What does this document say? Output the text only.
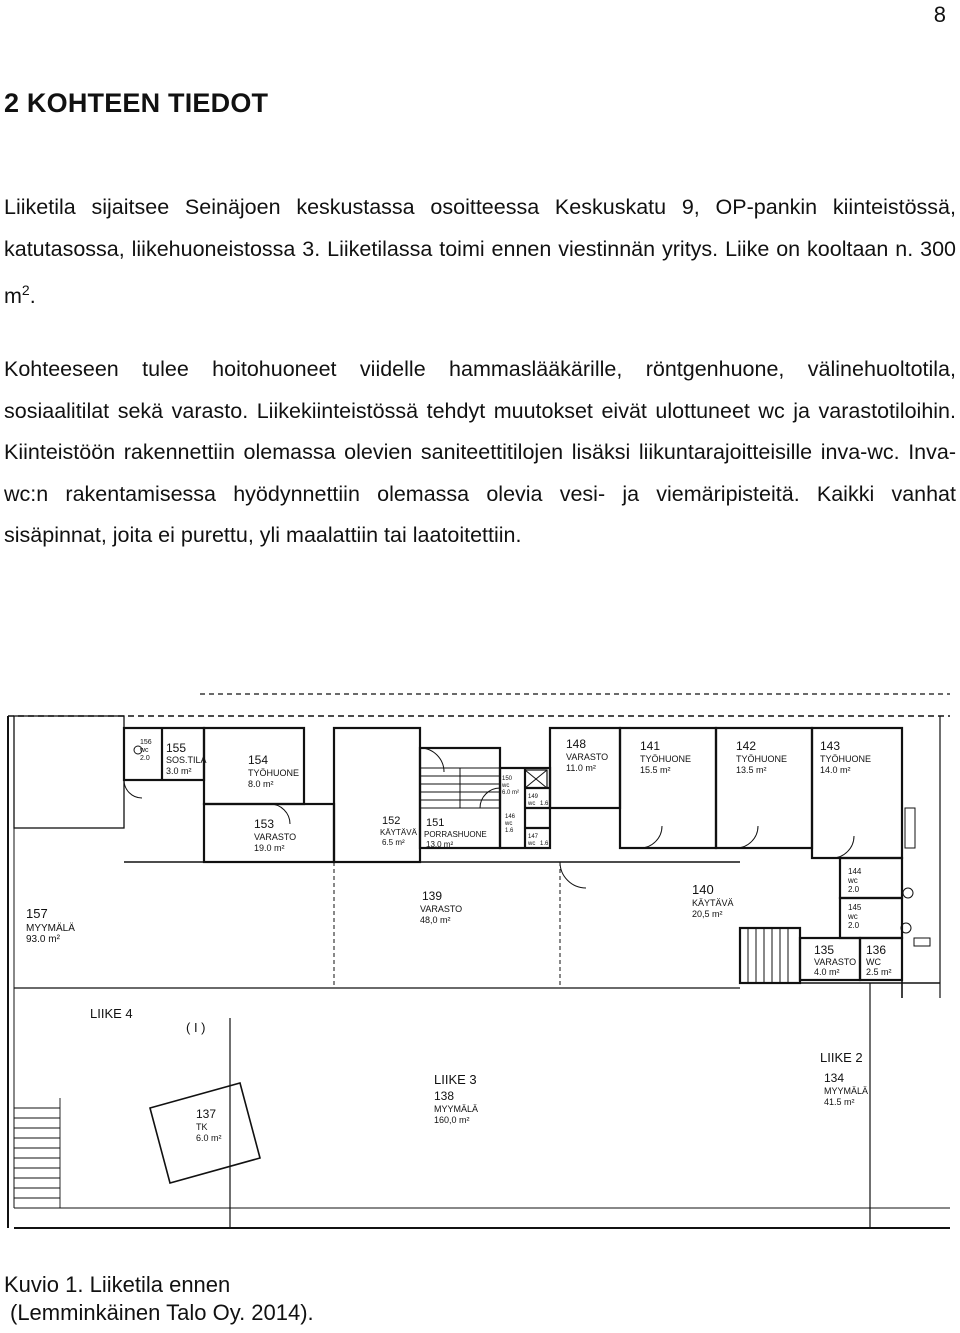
8
2 KOHTEEN TIEDOT

Liiketila sijaitsee Seinäjoen keskustassa osoitteessa Keskuskatu 9, OP-pankin kiinteistössä, katutasossa, liikehuoneistossa 3. Liiketilassa toimi ennen viestinnän yritys. Liike on kooltaan n. 300 $m^2$.

Kohteeseen tulee hoitohuoneet viidelle hammaslääkärille, röntgenhuone, välinehuoltotila, sosiaalitilat sekä varasto. Liikekiinteistössä tehdyt muutokset eivät ulottuneet wc ja varastotiloihin. Kiinteistöön rakennettiin olemassa olevien saniteettitilojen lisäksi liikuntarajoitteisille inva-wc. Inva-wc:n rakentamisessa hyödynnettiin olemassa olevia vesi- ja viemäripisteitä. Kaikki vanhat sisäpinnat, joita ei purettu, yli maalattiin tai laatoitettiin.

157
MYYMÄLÄ
93.0 m²
155
SOS.TILA
3.0 m²
156
wc
2.0	154
TYÖHUONE
8.0 m²
153
VARASTO
19.0 m²
152
KÄYTÄVÄ
6.5 m²
151
PORRASHUONE
13.0 m²
150
wc
6.0 m²
149
wc 1.6
147
wc 1.6
146
wc
1.6
148
VARASTO
11.0 m²
141
TYÖHUONE
15.5 m²
142
TYÖHUONE
13.5 m²
143
TYÖHUONE
14.0 m²
144
wc
2.0
145
wc
2.0
140
KÄYTÄVÄ
20,5 m²
139
VARASTO
48,0 m²
135
VARASTO
4.0 m²
136
WC
2.5 m²
137
TK
6.0 m²
134
MYYMÄLÄ
41.5 m²
138
MYYMÄLÄ
160,0 m²
LIIKE 4
LIIKE 3
LIIKE 2
( I )

Kuvio 1. Liiketila ennen
(Lemminkäinen Talo Oy. 2014).
